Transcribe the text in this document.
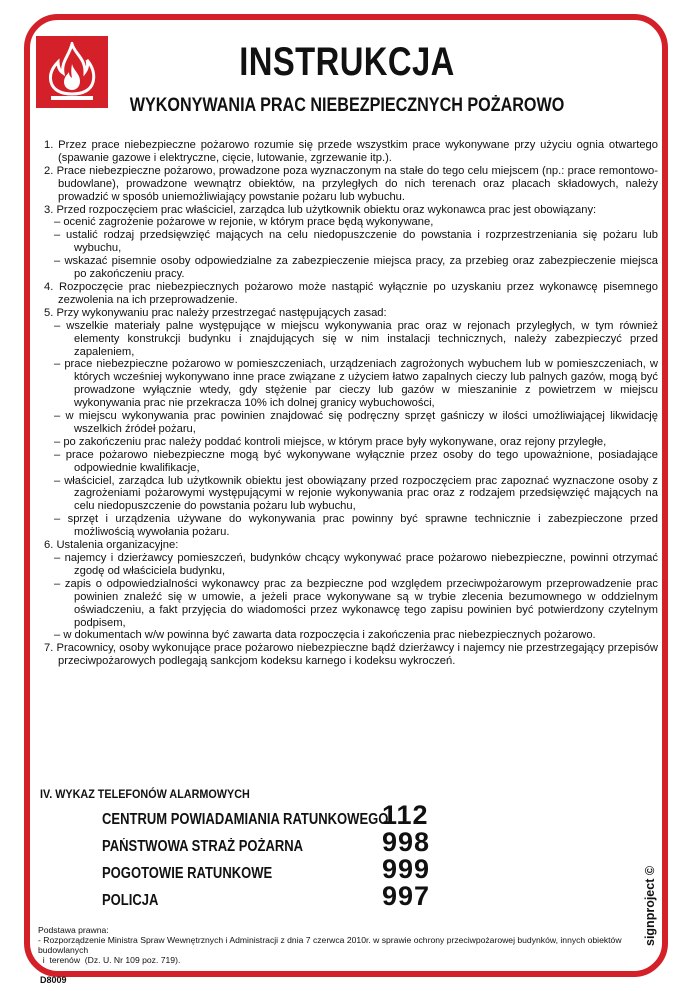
INSTRUKCJA
WYKONYWANIA PRAC NIEBEZPIECZNYCH POŻAROWO

1. Przez prace niebezpieczne pożarowo rozumie się przede wszystkim prace wykonywane przy użyciu ognia otwartego (spawanie gazowe i elektryczne, cięcie, lutowanie, zgrzewanie itp.).

2. Prace niebezpieczne pożarowo, prowadzone poza wyznaczonym na stałe do tego celu miejscem (np.: prace remontowo-budowlane), prowadzone wewnątrz obiektów, na przyległych do nich terenach oraz placach składowych, należy prowadzić w sposób uniemożliwiający powstanie pożaru lub wybuchu.

3. Przed rozpoczęciem prac właściciel, zarządca lub użytkownik obiektu oraz wykonawca prac jest obowiązany:

– ocenić zagrożenie pożarowe w rejonie, w którym prace będą wykonywane,

– ustalić rodzaj przedsięwzięć mających na celu niedopuszczenie do powstania i rozprzestrzeniania się pożaru lub wybuchu,

– wskazać pisemnie osoby odpowiedzialne za zabezpieczenie miejsca pracy, za przebieg oraz zabezpieczenie miejsca po zakończeniu pracy.

4. Rozpoczęcie prac niebezpiecznych pożarowo może nastąpić wyłącznie po uzyskaniu przez wykonawcę pisemnego zezwolenia na ich przeprowadzenie.

5. Przy wykonywaniu prac należy przestrzegać następujących zasad:

– wszelkie materiały palne występujące w miejscu wykonywania prac oraz w rejonach przyległych, w tym również elementy konstrukcji budynku i znajdujących się w nim instalacji technicznych, należy zabezpieczyć przed zapaleniem,

– prace niebezpieczne pożarowo w pomieszczeniach, urządzeniach zagrożonych wybuchem lub w pomieszczeniach, w których wcześniej wykonywano inne prace związane z użyciem łatwo zapalnych cieczy lub palnych gazów, mogą być prowadzone wyłącznie wtedy, gdy stężenie par cieczy lub gazów w mieszaninie z powietrzem w miejscu wykonywania prac nie przekracza 10% ich dolnej granicy wybuchowości,

– w miejscu wykonywania prac powinien znajdować się podręczny sprzęt gaśniczy w ilości umożliwiającej likwidację wszelkich źródeł pożaru,

– po zakończeniu prac należy poddać kontroli miejsce, w którym prace były wykonywane, oraz rejony przyległe,

– prace pożarowo niebezpieczne mogą być wykonywane wyłącznie przez osoby do tego upoważnione, posiadające odpowiednie kwalifikacje,

– właściciel, zarządca lub użytkownik obiektu jest obowiązany przed rozpoczęciem prac zapoznać wyznaczone osoby z zagrożeniami pożarowymi występującymi w rejonie wykonywania prac oraz z rodzajem przedsięwzięć mających na celu niedopuszczenie do powstania pożaru lub wybuchu,

– sprzęt i urządzenia używane do wykonywania prac powinny być sprawne technicznie i zabezpieczone przed możliwością wywołania pożaru.

6. Ustalenia organizacyjne:

– najemcy i dzierżawcy pomieszczeń, budynków chcący wykonywać prace pożarowo niebezpieczne, powinni otrzymać zgodę od właściciela budynku,

– zapis o odpowiedzialności wykonawcy prac za bezpieczne pod względem przeciwpożarowym przeprowadzenie prac powinien znaleźć się w umowie, a jeżeli prace wykonywane są w trybie zlecenia bezumownego w oddzielnym oświadczeniu, a fakt przyjęcia do wiadomości przez wykonawcę tego zapisu powinien być potwierdzony czytelnym podpisem,

– w dokumentach w/w powinna być zawarta data rozpoczęcia i zakończenia prac niebezpiecznych pożarowo.

7. Pracownicy, osoby wykonujące prace pożarowo niebezpieczne bądź dzierżawcy i najemcy nie przestrzegający przepisów przeciwpożarowych podlegają sankcjom kodeksu karnego i kodeksu wykroczeń.

IV. WYKAZ TELEFONÓW ALARMOWYCH
CENTRUM POWIADAMIANIA RATUNKOWEGO
112
PAŃSTWOWA STRAŻ POŻARNA	998
POGOTOWIE RATUNKOWE	999
POLICJA	997
Podstawa prawna:
- Rozporządzenie Ministra Spraw Wewnętrznych i Administracji z dnia 7 czerwca 2010r. w sprawie ochrony przeciwpożarowej budynków, innych obiektów budowlanych
i  terenów  (Dz. U. Nr 109 poz. 719).
D8009
signproject ©
